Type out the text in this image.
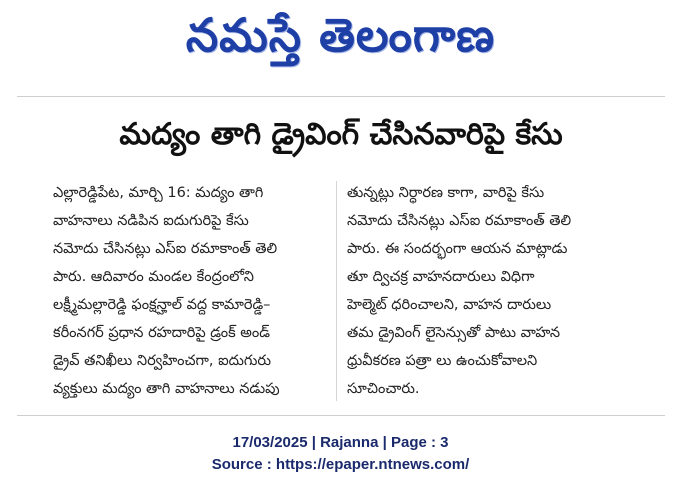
నమస్తే తెలంగాణ
మద్యం తాగి డ్రైవింగ్ చేసినవారిపై కేసు
ఎల్లారెడ్డిపేట, మార్చి 16: మద్యం తాగి
వాహనాలు నడిపిన ఐదుగురిపై కేసు
నమోదు చేసినట్లు ఎస్ఐ రమాకాంత్ తెలి
పారు. ఆదివారం మండల కేంద్రంలోని
లక్ష్మీమల్లారెడ్డి ఫంక్షన్హాల్ వద్ద కామారెడ్డి–
కరీంనగర్ ప్రధాన రహదారిపై డ్రంక్ అండ్
డ్రైవ్ తనిఖీలు నిర్వహించగా, ఐదుగురు
వ్యక్తులు మద్యం తాగి వాహనాలు నడుపు
తున్నట్లు నిర్ధారణ కాగా, వారిపై కేసు
నమోదు చేసినట్లు ఎస్ఐ రమాకాంత్ తెలి
పారు. ఈ సందర్భంగా ఆయన మాట్లాడు
తూ ద్విచక్ర వాహనదారులు విధిగా
హెల్మెట్ ధరించాలని, వాహన దారులు
తమ డ్రైవింగ్ లైసెన్సుతో పాటు వాహన
ధ్రువీకరణ పత్రా లు ఉంచుకోవాలని
సూచించారు.
17/03/2025 | Rajanna | Page : 3
Source : https://epaper.ntnews.com/
